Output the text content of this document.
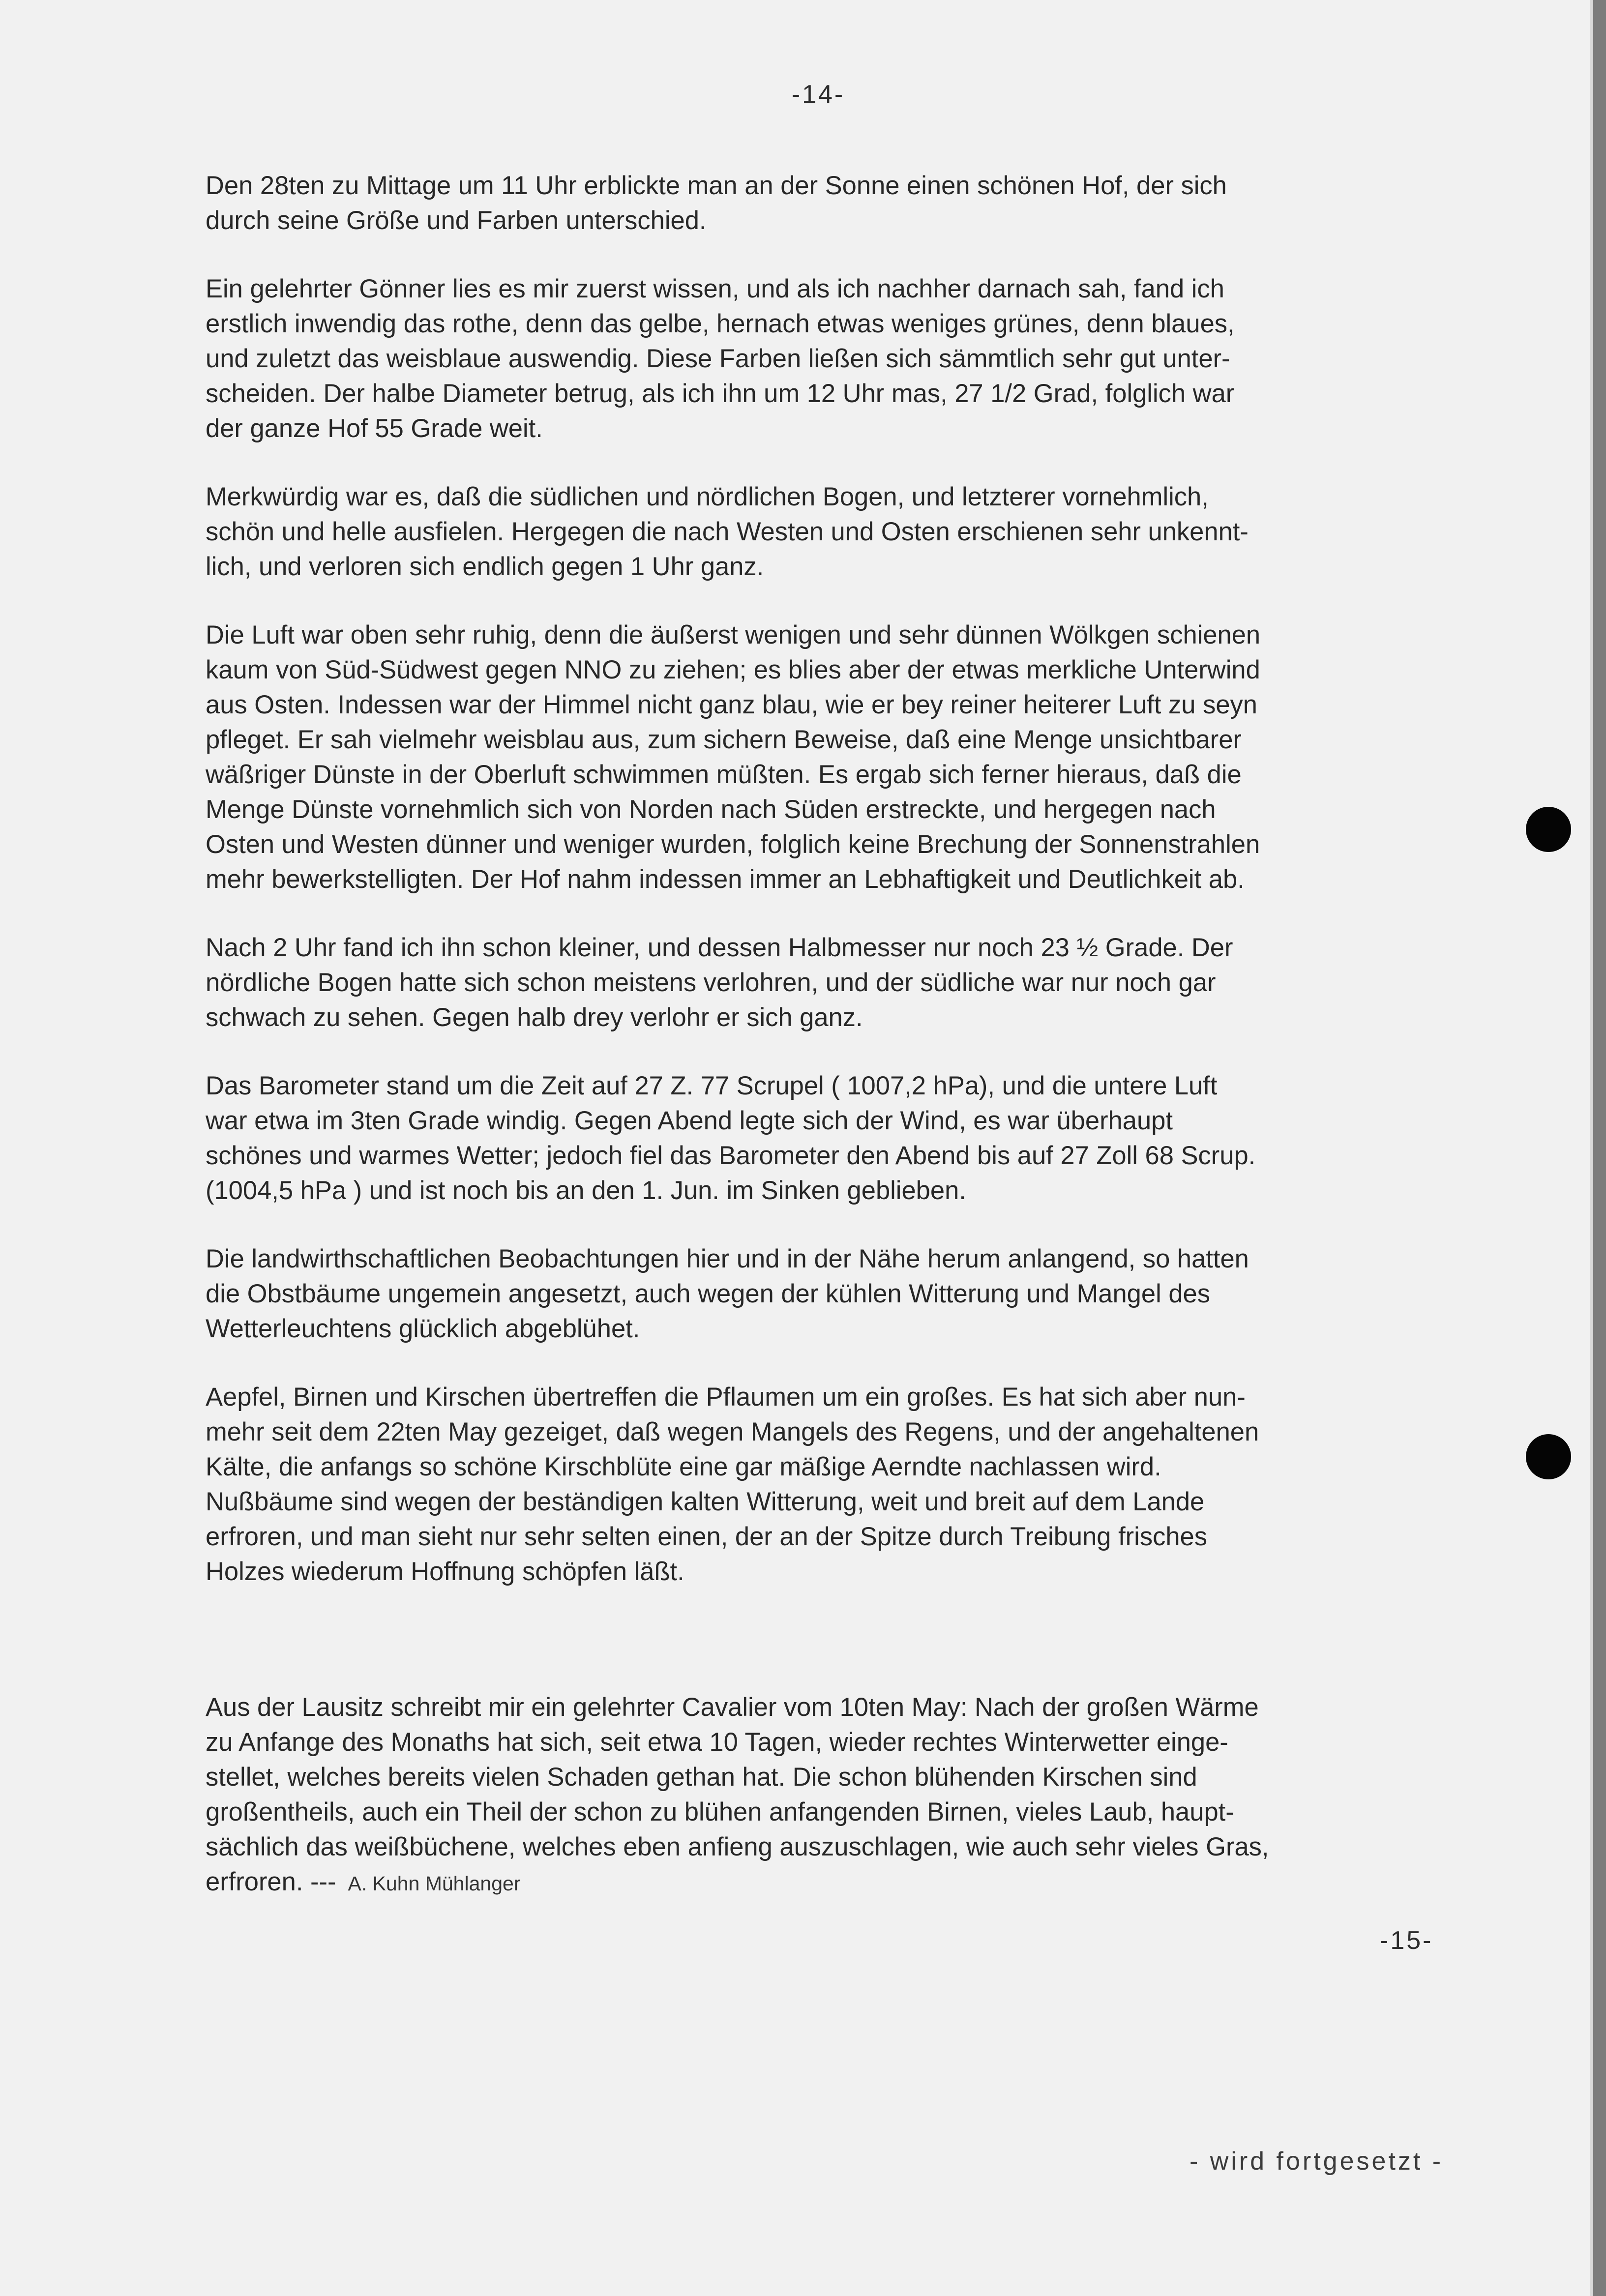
-14-

Den 28ten zu Mittage um 11 Uhr erblickte man an der Sonne einen schönen Hof, der sich
durch seine Größe und Farben unterschied.

Ein gelehrter Gönner lies es mir zuerst wissen, und als ich nachher darnach sah, fand ich
erstlich inwendig das rothe, denn das gelbe, hernach etwas weniges grünes, denn blaues,
und zuletzt das weisblaue auswendig. Diese Farben ließen sich sämmtlich sehr gut unter-
scheiden. Der halbe Diameter betrug, als ich ihn um 12 Uhr mas, 27 1/2 Grad, folglich war
der ganze Hof 55 Grade weit.

Merkwürdig war es, daß die südlichen und nördlichen Bogen, und letzterer vornehmlich,
schön und helle ausfielen. Hergegen die nach Westen und Osten erschienen sehr unkennt-
lich, und verloren sich endlich gegen 1 Uhr ganz.

Die Luft war oben sehr ruhig, denn die äußerst wenigen und sehr dünnen Wölkgen schienen
kaum von Süd-Südwest gegen NNO zu ziehen; es blies aber der etwas merkliche Unterwind
aus Osten. Indessen war der Himmel nicht ganz blau, wie er bey reiner heiterer Luft zu seyn
pfleget. Er sah vielmehr weisblau aus, zum sichern Beweise, daß eine Menge unsichtbarer
wäßriger Dünste in der Oberluft schwimmen müßten. Es ergab sich ferner hieraus, daß die
Menge Dünste vornehmlich sich von Norden nach Süden erstreckte, und hergegen nach
Osten und Westen dünner und weniger wurden, folglich keine Brechung der Sonnenstrahlen
mehr bewerkstelligten. Der Hof nahm indessen immer an Lebhaftigkeit und Deutlichkeit ab.

Nach 2 Uhr fand ich ihn schon kleiner, und dessen Halbmesser nur noch 23 ½ Grade. Der
nördliche Bogen hatte sich schon meistens verlohren, und der südliche war nur noch gar
schwach zu sehen. Gegen halb drey verlohr er sich ganz.

Das Barometer stand um die Zeit auf 27 Z. 77 Scrupel ( 1007,2 hPa), und die untere Luft
war etwa im 3ten Grade windig. Gegen Abend legte sich der Wind, es war überhaupt
schönes und warmes Wetter; jedoch fiel das Barometer den Abend bis auf 27 Zoll 68 Scrup.
(1004,5 hPa ) und ist noch bis an den 1. Jun. im Sinken geblieben.

Die landwirthschaftlichen Beobachtungen hier und in der Nähe herum anlangend, so hatten
die Obstbäume ungemein angesetzt, auch wegen der kühlen Witterung und Mangel des
Wetterleuchtens glücklich abgeblühet.

Aepfel, Birnen und Kirschen übertreffen die Pflaumen um ein großes. Es hat sich aber nun-
mehr seit dem 22ten May gezeiget, daß wegen Mangels des Regens, und der angehaltenen
Kälte, die anfangs so schöne Kirschblüte eine gar mäßige Aerndte nachlassen wird.
Nußbäume sind wegen der beständigen kalten Witterung, weit und breit auf dem Lande
erfroren, und man sieht nur sehr selten einen, der an der Spitze durch Treibung frisches
Holzes wiederum Hoffnung schöpfen läßt.

Aus der Lausitz schreibt mir ein gelehrter Cavalier vom 10ten May: Nach der großen Wärme
zu Anfange des Monaths hat sich, seit etwa 10 Tagen, wieder rechtes Winterwetter einge-
stellet, welches bereits vielen Schaden gethan hat. Die schon blühenden Kirschen sind
großentheils, auch ein Theil der schon zu blühen anfangenden Birnen, vieles Laub, haupt-
sächlich das weißbüchene, welches eben anfieng auszuschlagen, wie auch sehr vieles Gras,
erfroren. --- A. Kuhn Mühlanger

-15-
- wird fortgesetzt -
